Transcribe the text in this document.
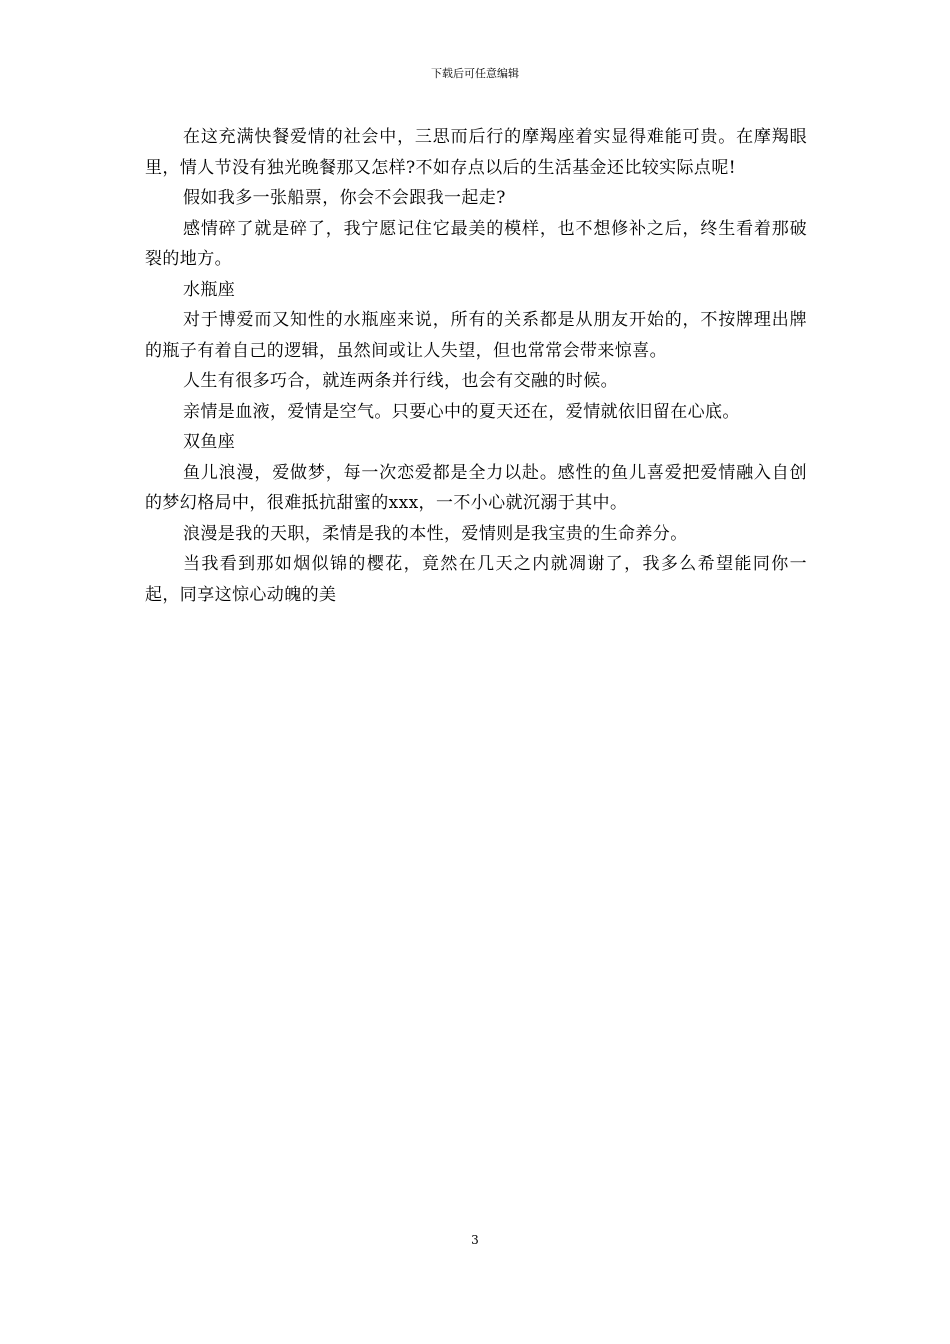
下载后可任意编辑

在这充满快餐爱情的社会中，三思而后行的摩羯座着实显得难能可贵。在摩羯眼里，情人节没有独光晚餐那又怎样?不如存点以后的生活基金还比较实际点呢!

假如我多一张船票，你会不会跟我一起走?

感情碎了就是碎了，我宁愿记住它最美的模样，也不想修补之后，终生看着那破裂的地方。

水瓶座

对于博爱而又知性的水瓶座来说，所有的关系都是从朋友开始的，不按牌理出牌的瓶子有着自己的逻辑，虽然间或让人失望，但也常常会带来惊喜。

人生有很多巧合，就连两条并行线，也会有交融的时候。

亲情是血液，爱情是空气。只要心中的夏天还在，爱情就依旧留在心底。

双鱼座

鱼儿浪漫，爱做梦，每一次恋爱都是全力以赴。感性的鱼儿喜爱把爱情融入自创的梦幻格局中，很难抵抗甜蜜的xxx，一不小心就沉溺于其中。

浪漫是我的天职，柔情是我的本性，爱情则是我宝贵的生命养分。

当我看到那如烟似锦的樱花，竟然在几天之内就凋谢了，我多么希望能同你一起，同享这惊心动魄的美

3
